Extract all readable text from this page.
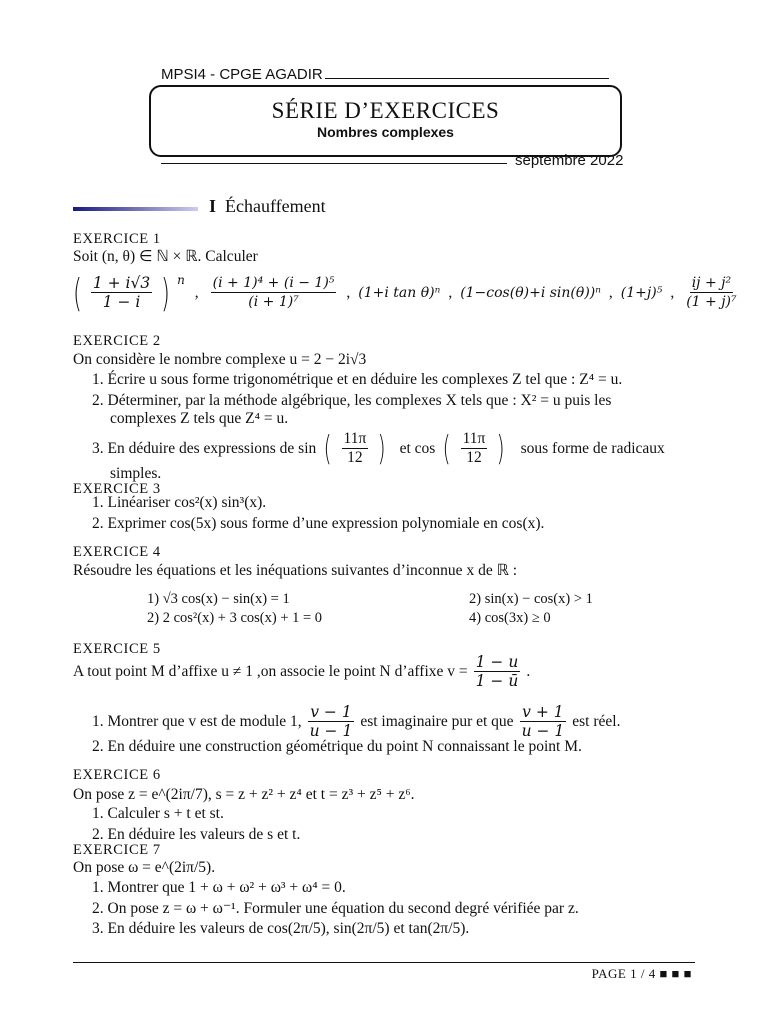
MPSI4 - CPGE AGADIR
SÉRIE D’EXERCICES
Nombres complexes
septembre 2022
I Échauffement
EXERCICE 1
Soit (n, θ) ∈ ℕ × ℝ. Calculer
( $\frac{1 + i√3}{1 - i}$ ) $^n$
, $\frac{\text{(i + 1)⁴ + (i − 1)⁵}}{\text{(i + 1)⁷}}$ , (1+i tan θ)ⁿ , (1−cos(θ)+i sin(θ))ⁿ , (1+j)⁵ , $\frac{\text{ij + j²}}{\text{(1 + j)⁷}}$
EXERCICE 2
On considère le nombre complexe u = 2 − 2i√3
1. Écrire u sous forme trigonométrique et en déduire les complexes Z tel que : Z⁴ = u.
2. Déterminer, par la méthode algébrique, les complexes X tels que : X² = u puis les
complexes Z tels que Z⁴ = u.
3. En déduire des expressions de sin ( $\frac{11\pi}{12}$ ) et cos ( $\frac{11\pi}{12}$ ) sous forme de radicaux
simples.
EXERCICE 3
1. Linéariser cos²(x) sin³(x).
2. Exprimer cos(5x) sous forme d’une expression polynomiale en cos(x).
EXERCICE 4
Résoudre les équations et les inéquations suivantes d’inconnue x de ℝ :
1) √3 cos(x) − sin(x) = 1	2) sin(x) − cos(x) > 1
2) 2 cos²(x) + 3 cos(x) + 1 = 0	4) cos(3x) ≥ 0
EXERCICE 5
A tout point M d’affixe u ≠ 1 ,on associe le point N d’affixe $v = \frac{1 - u}{1 - ū}$ .
1. Montrer que v est de module 1, $\frac{v - 1}{u - 1}$ est imaginaire pur et que $\frac{v + 1}{u - 1}$ est réel.
2. En déduire une construction géométrique du point N connaissant le point M.
EXERCICE 6
On pose z = e^(2iπ/7), s = z + z² + z⁴ et t = z³ + z⁵ + z⁶.
1. Calculer s + t et st.
2. En déduire les valeurs de s et t.
EXERCICE 7
On pose ω = e^(2iπ/5).
1. Montrer que 1 + ω + ω² + ω³ + ω⁴ = 0.
2. On pose z = ω + ω⁻¹. Formuler une équation du second degré vérifiée par z.
3. En déduire les valeurs de cos(2π/5), sin(2π/5) et tan(2π/5).
PAGE 1 / 4 ■ ■ ■
